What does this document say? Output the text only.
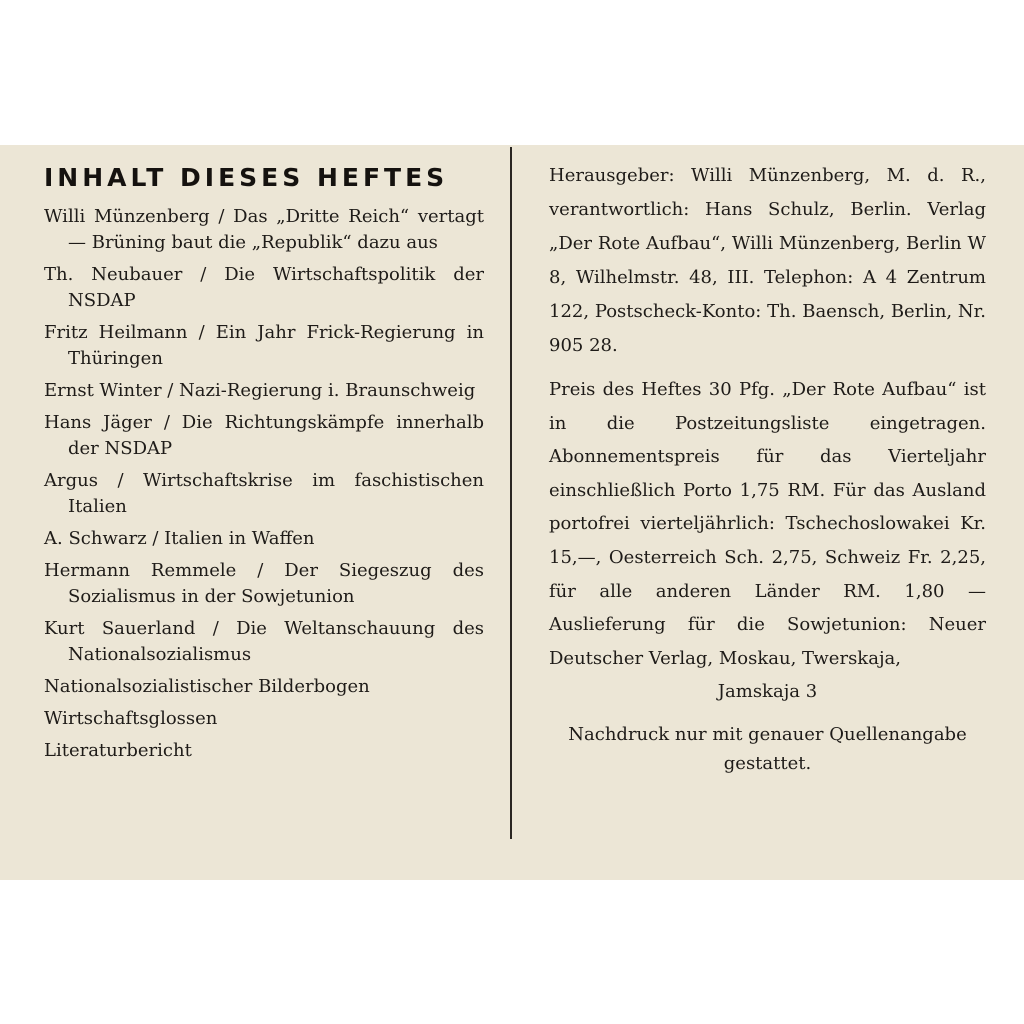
INHALT DIESES HEFTES
Willi Münzenberg / Das „Dritte Reich“ vertagt — Brüning baut die „Republik“ dazu aus
Th. Neubauer / Die Wirtschaftspolitik der NSDAP
Fritz Heilmann / Ein Jahr Frick-Regierung in Thüringen
Ernst Winter / Nazi-Regierung i. Braunschweig
Hans Jäger / Die Richtungskämpfe innerhalb der NSDAP
Argus / Wirtschaftskrise im faschistischen Italien
A. Schwarz / Italien in Waffen
Hermann Remmele / Der Siegeszug des Sozialismus in der Sowjetunion
Kurt Sauerland / Die Weltanschauung des Nationalsozialismus
Nationalsozialistischer Bilderbogen
Wirtschaftsglossen
Literaturbericht

Herausgeber: Willi Münzenberg, M. d. R., verantwortlich: Hans Schulz, Berlin. Verlag „Der Rote Aufbau“, Willi Münzenberg, Berlin W 8, Wilhelmstr. 48, III. Telephon: A 4 Zentrum 122, Postscheck-Konto: Th. Baensch, Berlin, Nr. 905 28.

Preis des Heftes 30 Pfg. „Der Rote Aufbau“ ist in die Postzeitungsliste eingetragen. Abonnementspreis für das Vierteljahr einschließlich Porto 1,75 RM. Für das Ausland portofrei vierteljährlich: Tschechoslowakei Kr. 15,—, Oesterreich Sch. 2,75, Schweiz Fr. 2,25, für alle anderen Länder RM. 1,80 — Auslieferung für die Sowjetunion: Neuer Deutscher Verlag, Moskau, Twerskaja,

Jamskaja 3

Nachdruck nur mit genauer Quellenangabe gestattet.
